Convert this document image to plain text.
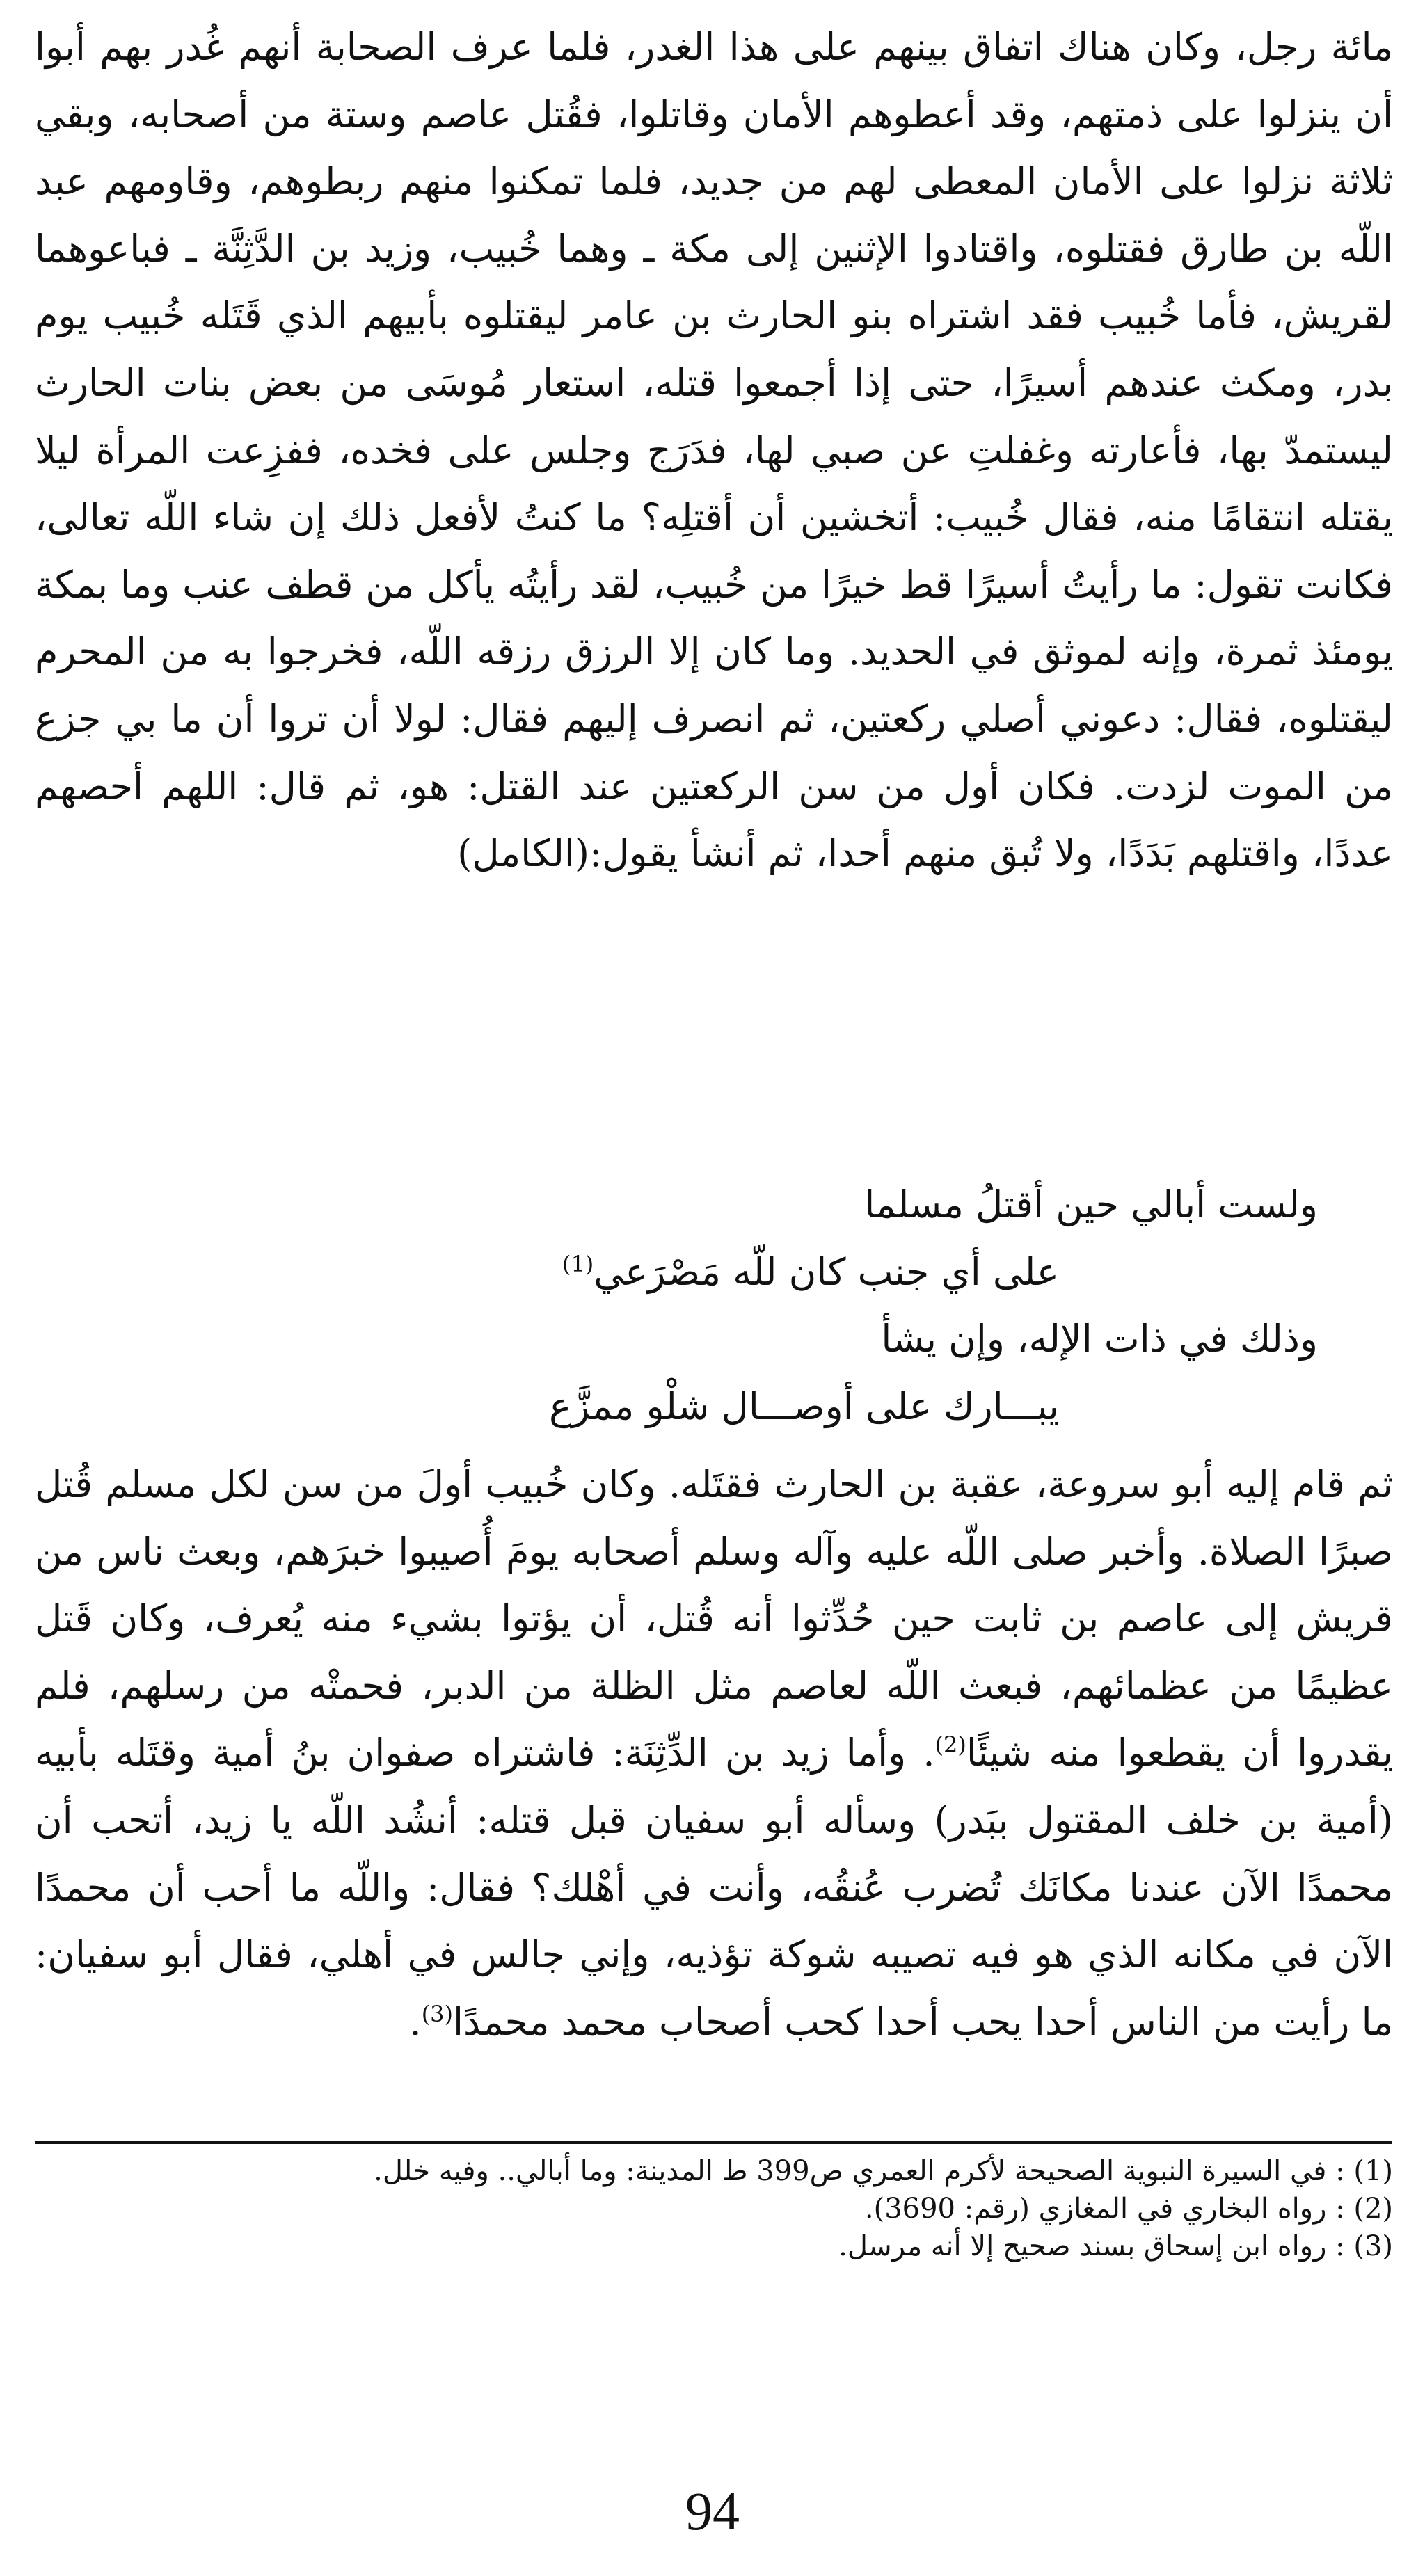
مائة رجل، وكان هناك اتفاق بينهم على هذا الغدر، فلما عرف الصحابة أنهم غُدر بهم أبوا أن ينزلوا على ذمتهم، وقد أعطوهم الأمان وقاتلوا، فقُتل عاصم وستة من أصحابه، وبقي ثلاثة نزلوا على الأمان المعطى لهم من جديد، فلما تمكنوا منهم ربطوهم، وقاومهم عبد اللّه بن طارق فقتلوه، واقتادوا الإثنين إلى مكة ـ وهما خُبيب، وزيد بن الدَّثِنَّة ـ فباعوهما لقريش، فأما خُبيب فقد اشتراه بنو الحارث بن عامر ليقتلوه بأبيهم الذي قَتَله خُبيب يوم بدر، ومكث عندهم أسيرًا، حتى إذا أجمعوا قتله، استعار مُوسَى من بعض بنات الحارث ليستمدّ بها، فأعارته وغفلتِ عن صبي لها، فدَرَج وجلس على فخده، ففزِعت المرأة ليلا يقتله انتقامًا منه، فقال خُبيب: أتخشين أن أقتلِه؟ ما كنتُ لأفعل ذلك إن شاء اللّه تعالى، فكانت تقول: ما رأيتُ أسيرًا قط خيرًا من خُبيب، لقد رأيتُه يأكل من قطف عنب وما بمكة يومئذ ثمرة، وإنه لموثق في الحديد. وما كان إلا الرزق رزقه اللّه، فخرجوا به من المحرم ليقتلوه، فقال: دعوني أصلي ركعتين، ثم انصرف إليهم فقال: لولا أن تروا أن ما بي جزع من الموت لزدت. فكان أول من سن الركعتين عند القتل: هو، ثم قال: اللهم أحصهم عددًا، واقتلهم بَدَدًا، ولا تُبق منهم أحدا، ثم أنشأ يقول:(الكامل)

ولست أبالي حين أقتلُ مسلما
على أي جنب كان للّه مَصْرَعي$^{(1)}$
وذلك في ذات الإله، وإن يشأ
يبـــارك على أوصـــال شلْو ممزَّع

ثم قام إليه أبو سروعة، عقبة بن الحارث فقتَله. وكان خُبيب أولَ من سن لكل مسلم قُتل صبرًا الصلاة. وأخبر صلى اللّه عليه وآله وسلم أصحابه يومَ أُصيبوا خبرَهم، وبعث ناس من قريش إلى عاصم بن ثابت حين حُدِّثوا أنه قُتل، أن يؤتوا بشيء منه يُعرف، وكان قَتل عظيمًا من عظمائهم، فبعث اللّه لعاصم مثل الظلة من الدبر، فحمتْه من رسلهم، فلم يقدروا أن يقطعوا منه شيئًا$^{(2)}$. وأما زيد بن الدِّثِنَة: فاشتراه صفوان بنُ أمية وقتَله بأبيه (أمية بن خلف المقتول ببَدر) وسأله أبو سفيان قبل قتله: أنشُد اللّه يا زيد، أتحب أن محمدًا الآن عندنا مكانَك تُضرب عُنقُه، وأنت في أهْلك؟ فقال: واللّه ما أحب أن محمدًا الآن في مكانه الذي هو فيه تصيبه شوكة تؤذيه، وإني جالس في أهلي، فقال أبو سفيان: ما رأيت من الناس أحدا يحب أحدا كحب أصحاب محمد محمدًا$^{(3)}$.

(1) : في السيرة النبوية الصحيحة لأكرم العمري ص399 ط المدينة: وما أبالي.. وفيه خلل.
(2) : رواه البخاري في المغازي (رقم: 3690).
(3) : رواه ابن إسحاق بسند صحيح إلا أنه مرسل.
94
